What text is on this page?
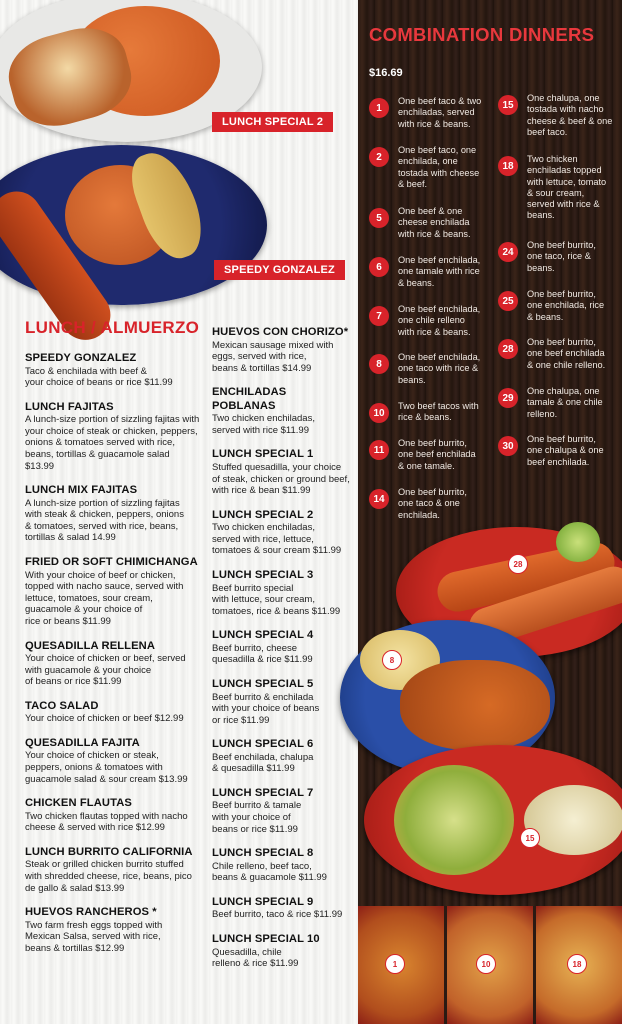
LUNCH SPECIAL 2
SPEEDY GONZALEZ
LUNCH / ALMUERZO
SPEEDY GONZALEZ
Taco & enchilada with beef &
your choice of beans or rice $11.99
LUNCH FAJITAS
A lunch-size portion of sizzling fajitas with
your choice of steak or chicken, peppers,
onions & tomatoes served with rice,
beans, tortillas & guacamole salad
$13.99
LUNCH MIX FAJITAS
A lunch-size portion of sizzling fajitas
with steak & chicken, peppers, onions
& tomatoes, served with rice, beans,
tortillas & salad 14.99
FRIED OR SOFT CHIMICHANGA
With your choice of beef or chicken,
topped with nacho sauce, served with
lettuce, tomatoes, sour cream,
guacamole & your choice of
rice or beans $11.99
QUESADILLA RELLENA
Your choice of chicken or beef, served
with guacamole & your choice
of beans or rice $11.99
TACO SALAD
Your choice of chicken or beef $12.99
QUESADILLA FAJITA
Your choice of chicken or steak,
peppers, onions & tomatoes with
guacamole salad & sour cream $13.99
CHICKEN FLAUTAS
Two chicken flautas topped with nacho
cheese & served with rice $12.99
LUNCH BURRITO CALIFORNIA
Steak or grilled chicken burrito stuffed
with shredded cheese, rice, beans, pico
de gallo & salad $13.99
HUEVOS RANCHEROS *
Two farm fresh eggs topped with
Mexican Salsa, served with rice,
beans & tortillas $12.99
HUEVOS CON CHORIZO*
Mexican sausage mixed with
eggs, served with rice,
beans & tortillas $14.99
ENCHILADAS POBLANAS
Two chicken enchiladas,
served with rice $11.99
LUNCH SPECIAL 1
Stuffed quesadilla, your choice
of steak, chicken or ground beef,
with rice & bean $11.99
LUNCH SPECIAL 2
Two chicken enchiladas,
served with rice, lettuce,
tomatoes & sour cream $11.99
LUNCH SPECIAL 3
Beef burrito special
with lettuce, sour cream,
tomatoes, rice & beans $11.99
LUNCH SPECIAL 4
Beef burrito, cheese
quesadilla & rice $11.99
LUNCH SPECIAL 5
Beef burrito & enchilada
with your choice of beans
or rice $11.99
LUNCH SPECIAL 6
Beef enchilada, chalupa
& quesadilla $11.99
LUNCH SPECIAL 7
Beef burrito & tamale
with your choice of
beans or rice $11.99
LUNCH SPECIAL 8
Chile relleno, beef taco,
beans & guacamole $11.99
LUNCH SPECIAL 9
Beef burrito, taco & rice $11.99
LUNCH SPECIAL 10
Quesadilla, chile
relleno & rice $11.99
COMBINATION DINNERS
$16.69
1
One beef taco & two
enchiladas, served
with rice & beans.
2
One beef taco, one
enchilada, one
tostada with cheese
& beef.
5
One beef & one
cheese enchilada
with rice & beans.
6
One beef enchilada,
one tamale with rice
& beans.
7
One beef enchilada,
one chile relleno
with rice & beans.
8
One beef enchilada,
one taco with rice &
beans.
10
Two beef tacos with
rice & beans.
11
One beef burrito,
one beef enchilada
& one tamale.
14
One beef burrito,
one taco & one
enchilada.
15
One chalupa, one
tostada with nacho
cheese & beef & one
beef taco.
18
Two chicken
enchiladas topped
with lettuce, tomato
& sour cream,
served with rice &
beans.
24
One beef burrito,
one taco, rice &
beans.
25
One beef burrito,
one enchilada, rice
& beans.
28
One beef burrito,
one beef enchilada
& one chile relleno.
29
One chalupa, one
tamale & one chile
relleno.
30
One beef burrito,
one chalupa & one
beef enchilada.
28
8
15
1	10	18
